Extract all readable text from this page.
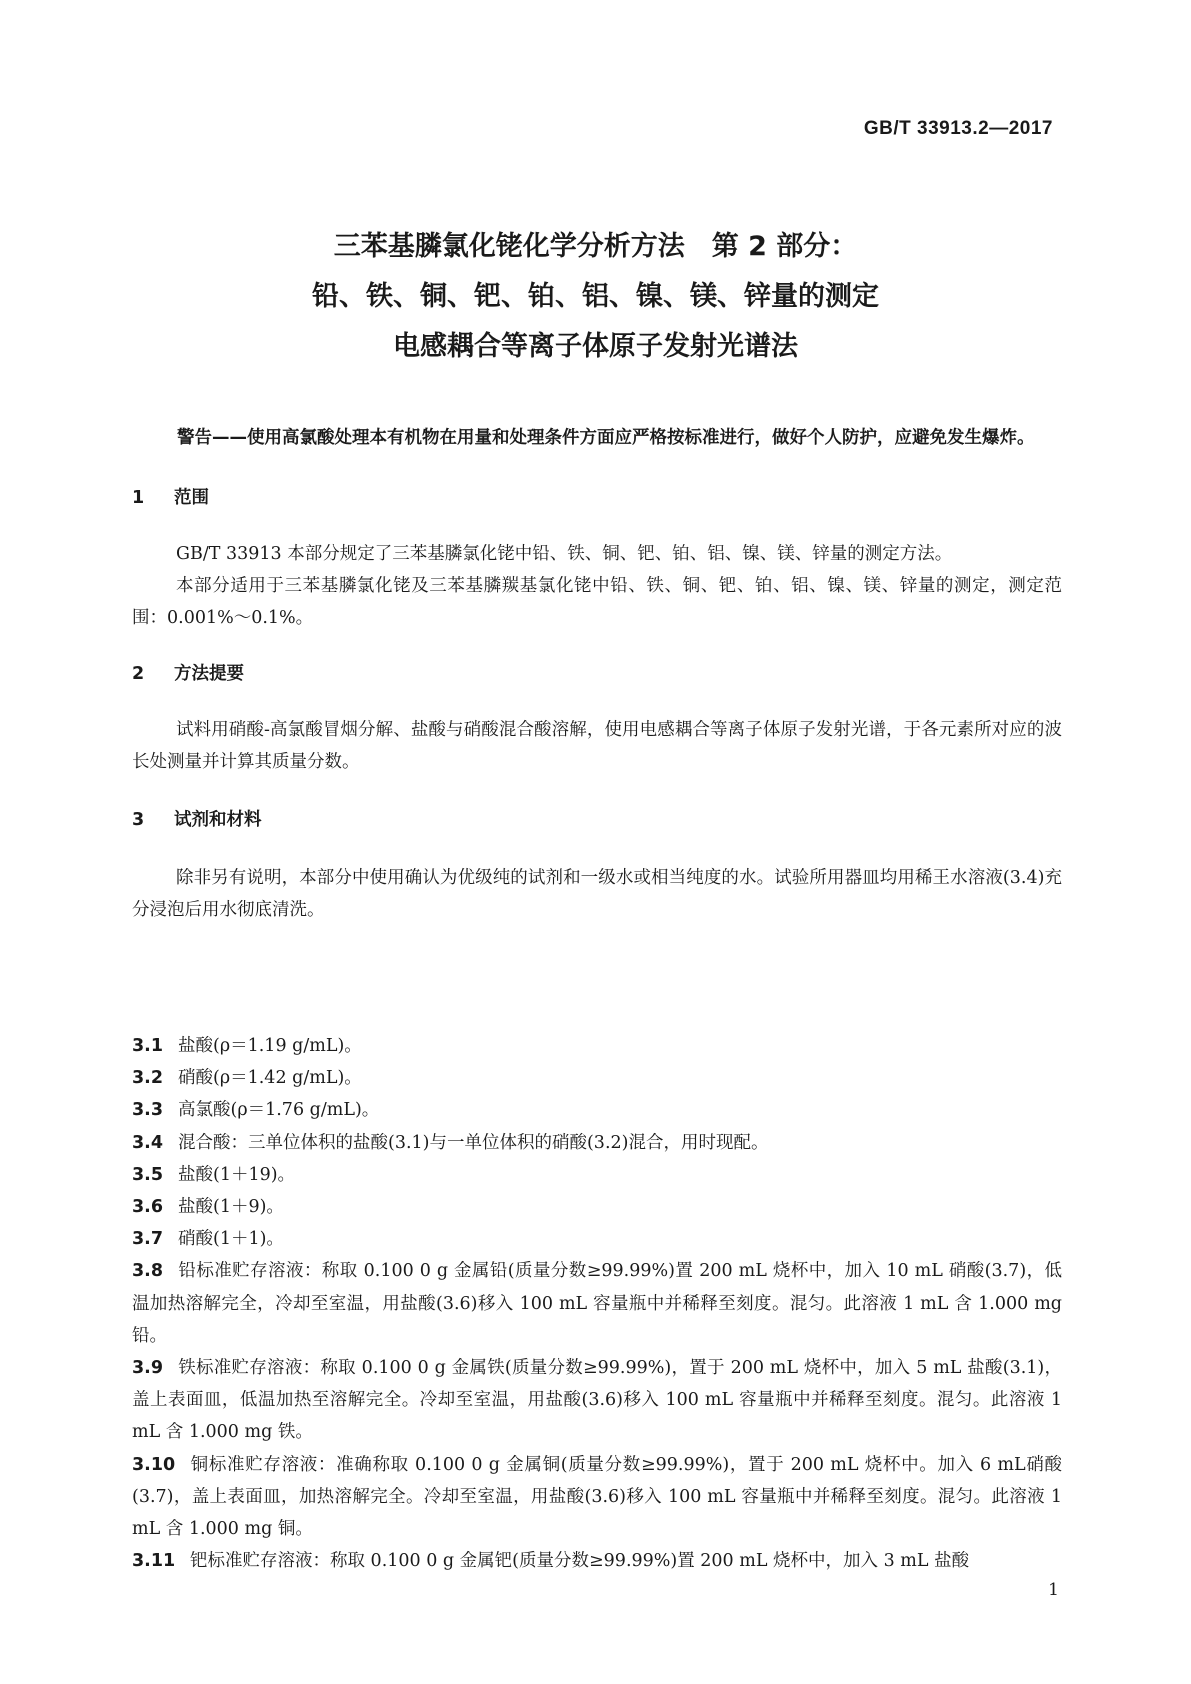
GB/T 33913.2—2017
三苯基膦氯化铑化学分析方法　第 2 部分：
铅、铁、铜、钯、铂、铝、镍、镁、锌量的测定
电感耦合等离子体原子发射光谱法
警告——使用高氯酸处理本有机物在用量和处理条件方面应严格按标准进行，做好个人防护，应避免发生爆炸。
1 范围

GB/T 33913 本部分规定了三苯基膦氯化铑中铅、铁、铜、钯、铂、铝、镍、镁、锌量的测定方法。

本部分适用于三苯基膦氯化铑及三苯基膦羰基氯化铑中铅、铁、铜、钯、铂、铝、镍、镁、锌量的测定，测定范围：0.001%～0.1%。

2 方法提要

试料用硝酸-高氯酸冒烟分解、盐酸与硝酸混合酸溶解，使用电感耦合等离子体原子发射光谱，于各元素所对应的波长处测量并计算其质量分数。

3 试剂和材料

除非另有说明，本部分中使用确认为优级纯的试剂和一级水或相当纯度的水。试验所用器皿均用稀王水溶液(3.4)充分浸泡后用水彻底清洗。

3.1 盐酸(ρ＝1.19 g/mL)。
3.2 硝酸(ρ＝1.42 g/mL)。
3.3 高氯酸(ρ＝1.76 g/mL)。
3.4 混合酸：三单位体积的盐酸(3.1)与一单位体积的硝酸(3.2)混合，用时现配。
3.5 盐酸(1＋19)。
3.6 盐酸(1＋9)。
3.7 硝酸(1＋1)。
3.8 铅标准贮存溶液：称取 0.100 0 g 金属铅(质量分数≥99.99%)置 200 mL 烧杯中，加入 10 mL 硝酸(3.7)，低温加热溶解完全，冷却至室温，用盐酸(3.6)移入 100 mL 容量瓶中并稀释至刻度。混匀。此溶液 1 mL 含 1.000 mg 铅。
3.9 铁标准贮存溶液：称取 0.100 0 g 金属铁(质量分数≥99.99%)，置于 200 mL 烧杯中，加入 5 mL 盐酸(3.1)，盖上表面皿，低温加热至溶解完全。冷却至室温，用盐酸(3.6)移入 100 mL 容量瓶中并稀释至刻度。混匀。此溶液 1 mL 含 1.000 mg 铁。
3.10 铜标准贮存溶液：准确称取 0.100 0 g 金属铜(质量分数≥99.99%)，置于 200 mL 烧杯中。加入 6 mL硝酸(3.7)，盖上表面皿，加热溶解完全。冷却至室温，用盐酸(3.6)移入 100 mL 容量瓶中并稀释至刻度。混匀。此溶液 1 mL 含 1.000 mg 铜。
3.11 钯标准贮存溶液：称取 0.100 0 g 金属钯(质量分数≥99.99%)置 200 mL 烧杯中，加入 3 mL 盐酸
1
